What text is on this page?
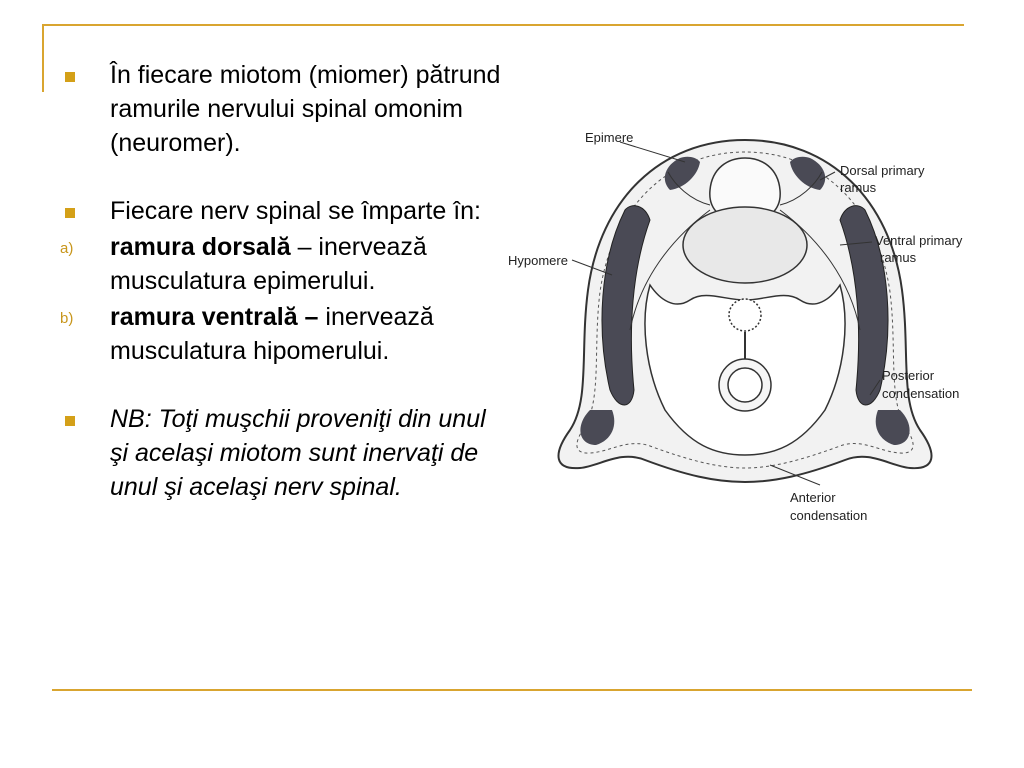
În fiecare miotom (miomer) pătrund ramurile nervului spinal omonim (neuromer).
Fiecare nerv spinal se împarte în:
a) ramura dorsală – inervează musculatura epimerului.
b) ramura ventrală – inervează musculatura hipomerului.
NB: Toţi muşchii proveniţi din unul şi acelaşi miotom sunt inervaţi de unul şi acelaşi nerv spinal.
Epimere
Dorsal primary
ramus
Ventral primary
ramus
Hypomere
Posterior
condensation
Anterior
condensation
